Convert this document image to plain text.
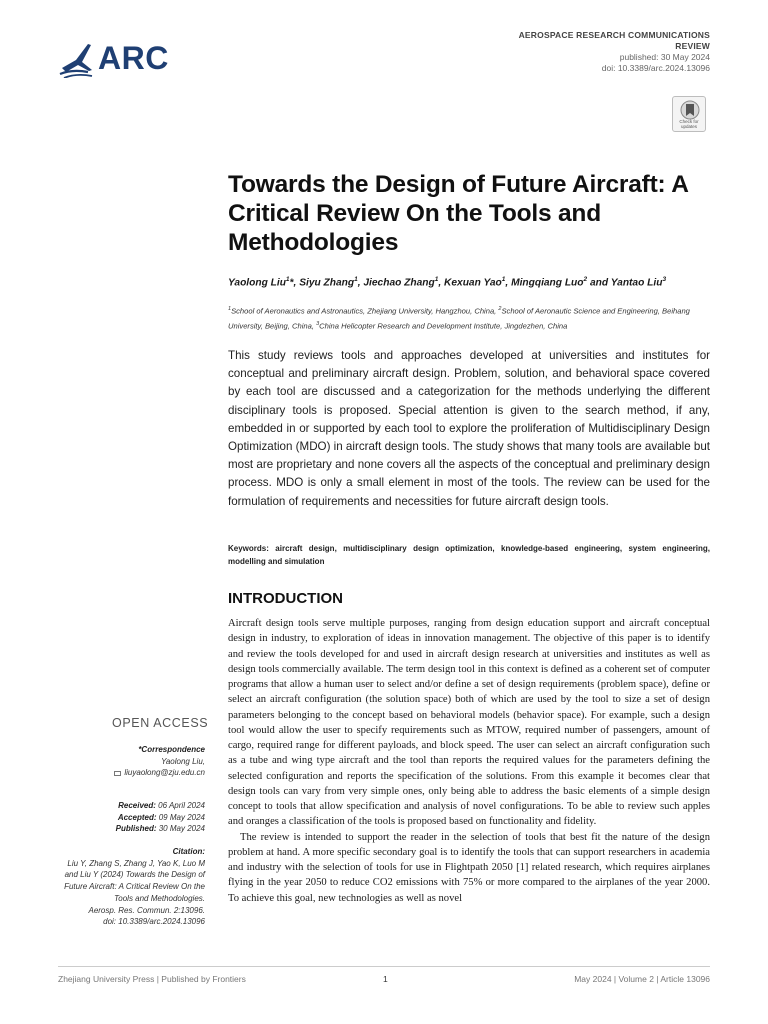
ARC
AEROSPACE RESEARCH COMMUNICATIONS
REVIEW
published: 30 May 2024
doi: 10.3389/arc.2024.13096
Check for
updates
Towards the Design of Future Aircraft: A Critical Review On the Tools and Methodologies
Yaolong Liu$^1$*, Siyu Zhang$^1$, Jiechao Zhang$^1$, Kexuan Yao$^1$, Mingqiang Luo$^2$ and Yantao Liu$^3$
$^1$School of Aeronautics and Astronautics, Zhejiang University, Hangzhou, China, $^2$School of Aeronautic Science and Engineering, Beihang University, Beijing, China, $^3$China Helicopter Research and Development Institute, Jingdezhen, China
This study reviews tools and approaches developed at universities and institutes for conceptual and preliminary aircraft design. Problem, solution, and behavioral space covered by each tool are discussed and a categorization for the methods underlying the different disciplinary tools is proposed. Special attention is given to the search method, if any, embedded in or supported by each tool to explore the proliferation of Multidisciplinary Design Optimization (MDO) in aircraft design tools. The study shows that many tools are available but most are proprietary and none covers all the aspects of the conceptual and preliminary design process. MDO is only a small element in most of the tools. The review can be used for the formulation of requirements and necessities for future aircraft design tools.
Keywords: aircraft design, multidisciplinary design optimization, knowledge-based engineering, system engineering, modelling and simulation
INTRODUCTION

Aircraft design tools serve multiple purposes, ranging from design education support and aircraft conceptual design in industry, to exploration of ideas in innovation management. The objective of this paper is to identify and review the tools developed for and used in aircraft design research at universities and institutes as well as design tools commercially available. The term design tool in this context is defined as a coherent set of computer programs that allow a human user to select and/or define a set of design requirements (problem space), define or select an aircraft configuration (the solution space) both of which are used by the tool to size a set of design parameters belonging to the concept based on behavioral models (behavior space). For example, such a design tool would allow the user to specify requirements such as MTOW, required number of passengers, amount of cargo, required range for different payloads, and block speed. The user can select an aircraft configuration such as a tube and wing type aircraft and the tool than reports the required values for the parameters defining the selected configuration and reports the specification of the solutions. From this example it becomes clear that design tools can vary from very simple ones, only being able to address the basic elements of a simple design concept to tools that allow specification and analysis of novel configurations. To be able to review such apples and oranges a classification of the tools is proposed based on functionality and fidelity.

The review is intended to support the reader in the selection of tools that best fit the nature of the design problem at hand. A more specific secondary goal is to identify the tools that can support researchers in academia and industry with the selection of tools for use in Flightpath 2050 [1] related research, which requires airplanes flying in the year 2050 to reduce CO2 emissions with 75% or more compared to the airplanes of the year 2000. To achieve this goal, new technologies as well as novel

OPEN ACCESS
*Correspondence
Yaolong Liu,
liuyaolong@zju.edu.cn
Received: 06 April 2024
Accepted: 09 May 2024
Published: 30 May 2024
Citation:
Liu Y, Zhang S, Zhang J, Yao K, Luo M
and Liu Y (2024) Towards the Design of
Future Aircraft: A Critical Review On the
Tools and Methodologies.
Aerosp. Res. Commun. 2:13096.
doi: 10.3389/arc.2024.13096
Zhejiang University Press | Published by Frontiers	1	May 2024 | Volume 2 | Article 13096
